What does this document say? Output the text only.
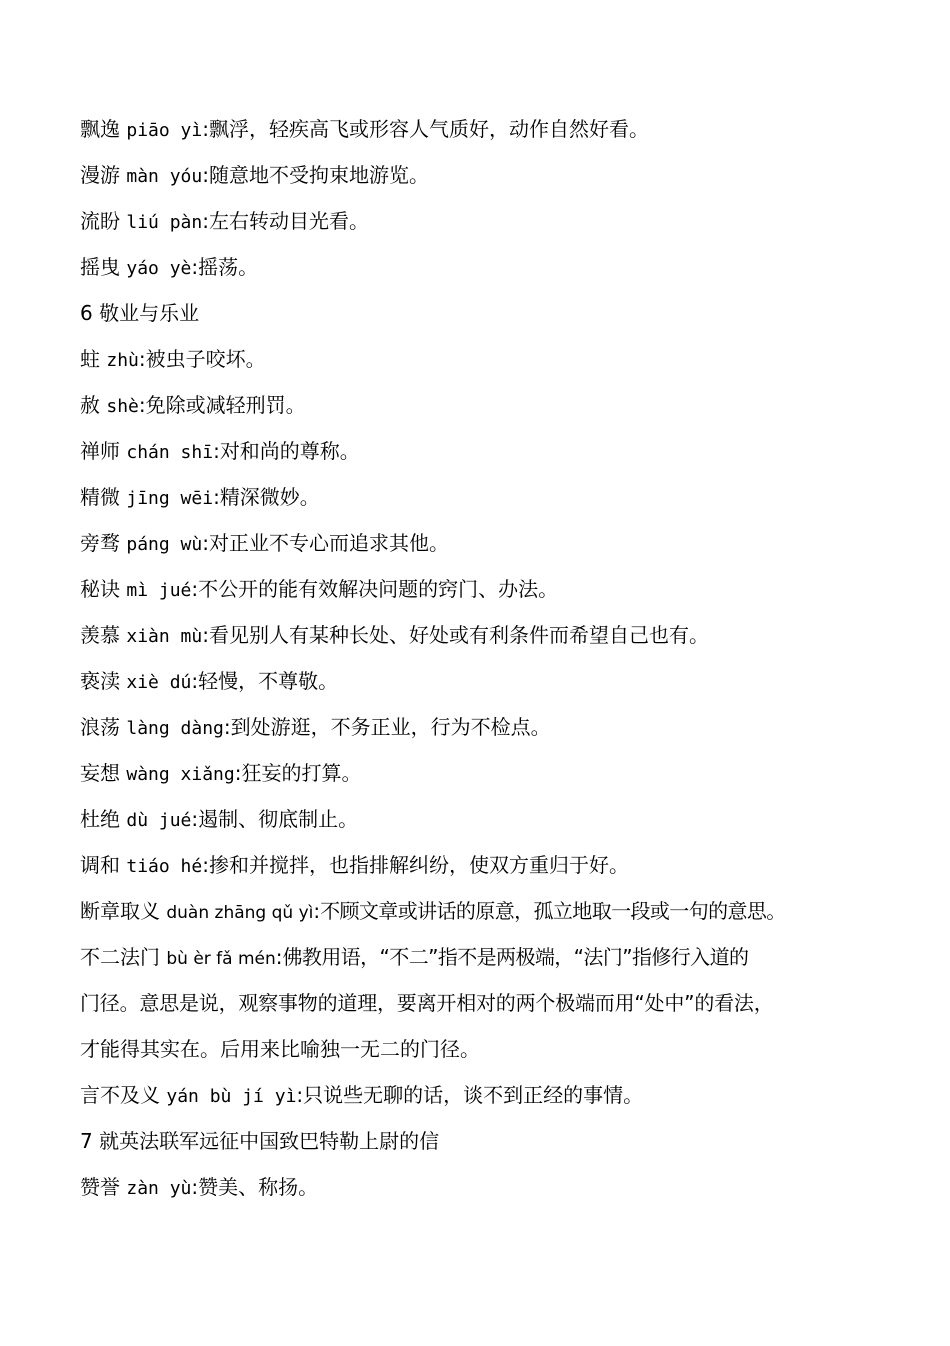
飘逸 piāo yì:飘浮，轻疾高飞或形容人气质好，动作自然好看。
漫游 màn yóu:随意地不受拘束地游览。
流盼 liú pàn:左右转动目光看。
摇曳 yáo yè:摇荡。
6 敬业与乐业
蛀 zhù:被虫子咬坏。
赦 shè:免除或减轻刑罚。
禅师 chán shī:对和尚的尊称。
精微 jīng wēi:精深微妙。
旁骛 páng wù:对正业不专心而追求其他。
秘诀 mì jué:不公开的能有效解决问题的窍门、办法。
羡慕 xiàn mù:看见别人有某种长处、好处或有利条件而希望自己也有。
亵渎 xiè dú:轻慢，不尊敬。
浪荡 làng dàng:到处游逛，不务正业，行为不检点。
妄想 wàng xiǎng:狂妄的打算。
杜绝 dù jué:遏制、彻底制止。
调和 tiáo hé:掺和并搅拌，也指排解纠纷，使双方重归于好。
断章取义 duàn zhāng qǔ yì:不顾文章或讲话的原意，孤立地取一段或一句的意思。
不二法门 bù èr fǎ mén:佛教用语，“不二”指不是两极端，“法门”指修行入道的
门径。意思是说，观察事物的道理，要离开相对的两个极端而用“处中”的看法，
才能得其实在。后用来比喻独一无二的门径。
言不及义 yán bù jí yì:只说些无聊的话，谈不到正经的事情。
7 就英法联军远征中国致巴特勒上尉的信
赞誉 zàn yù:赞美、称扬。
